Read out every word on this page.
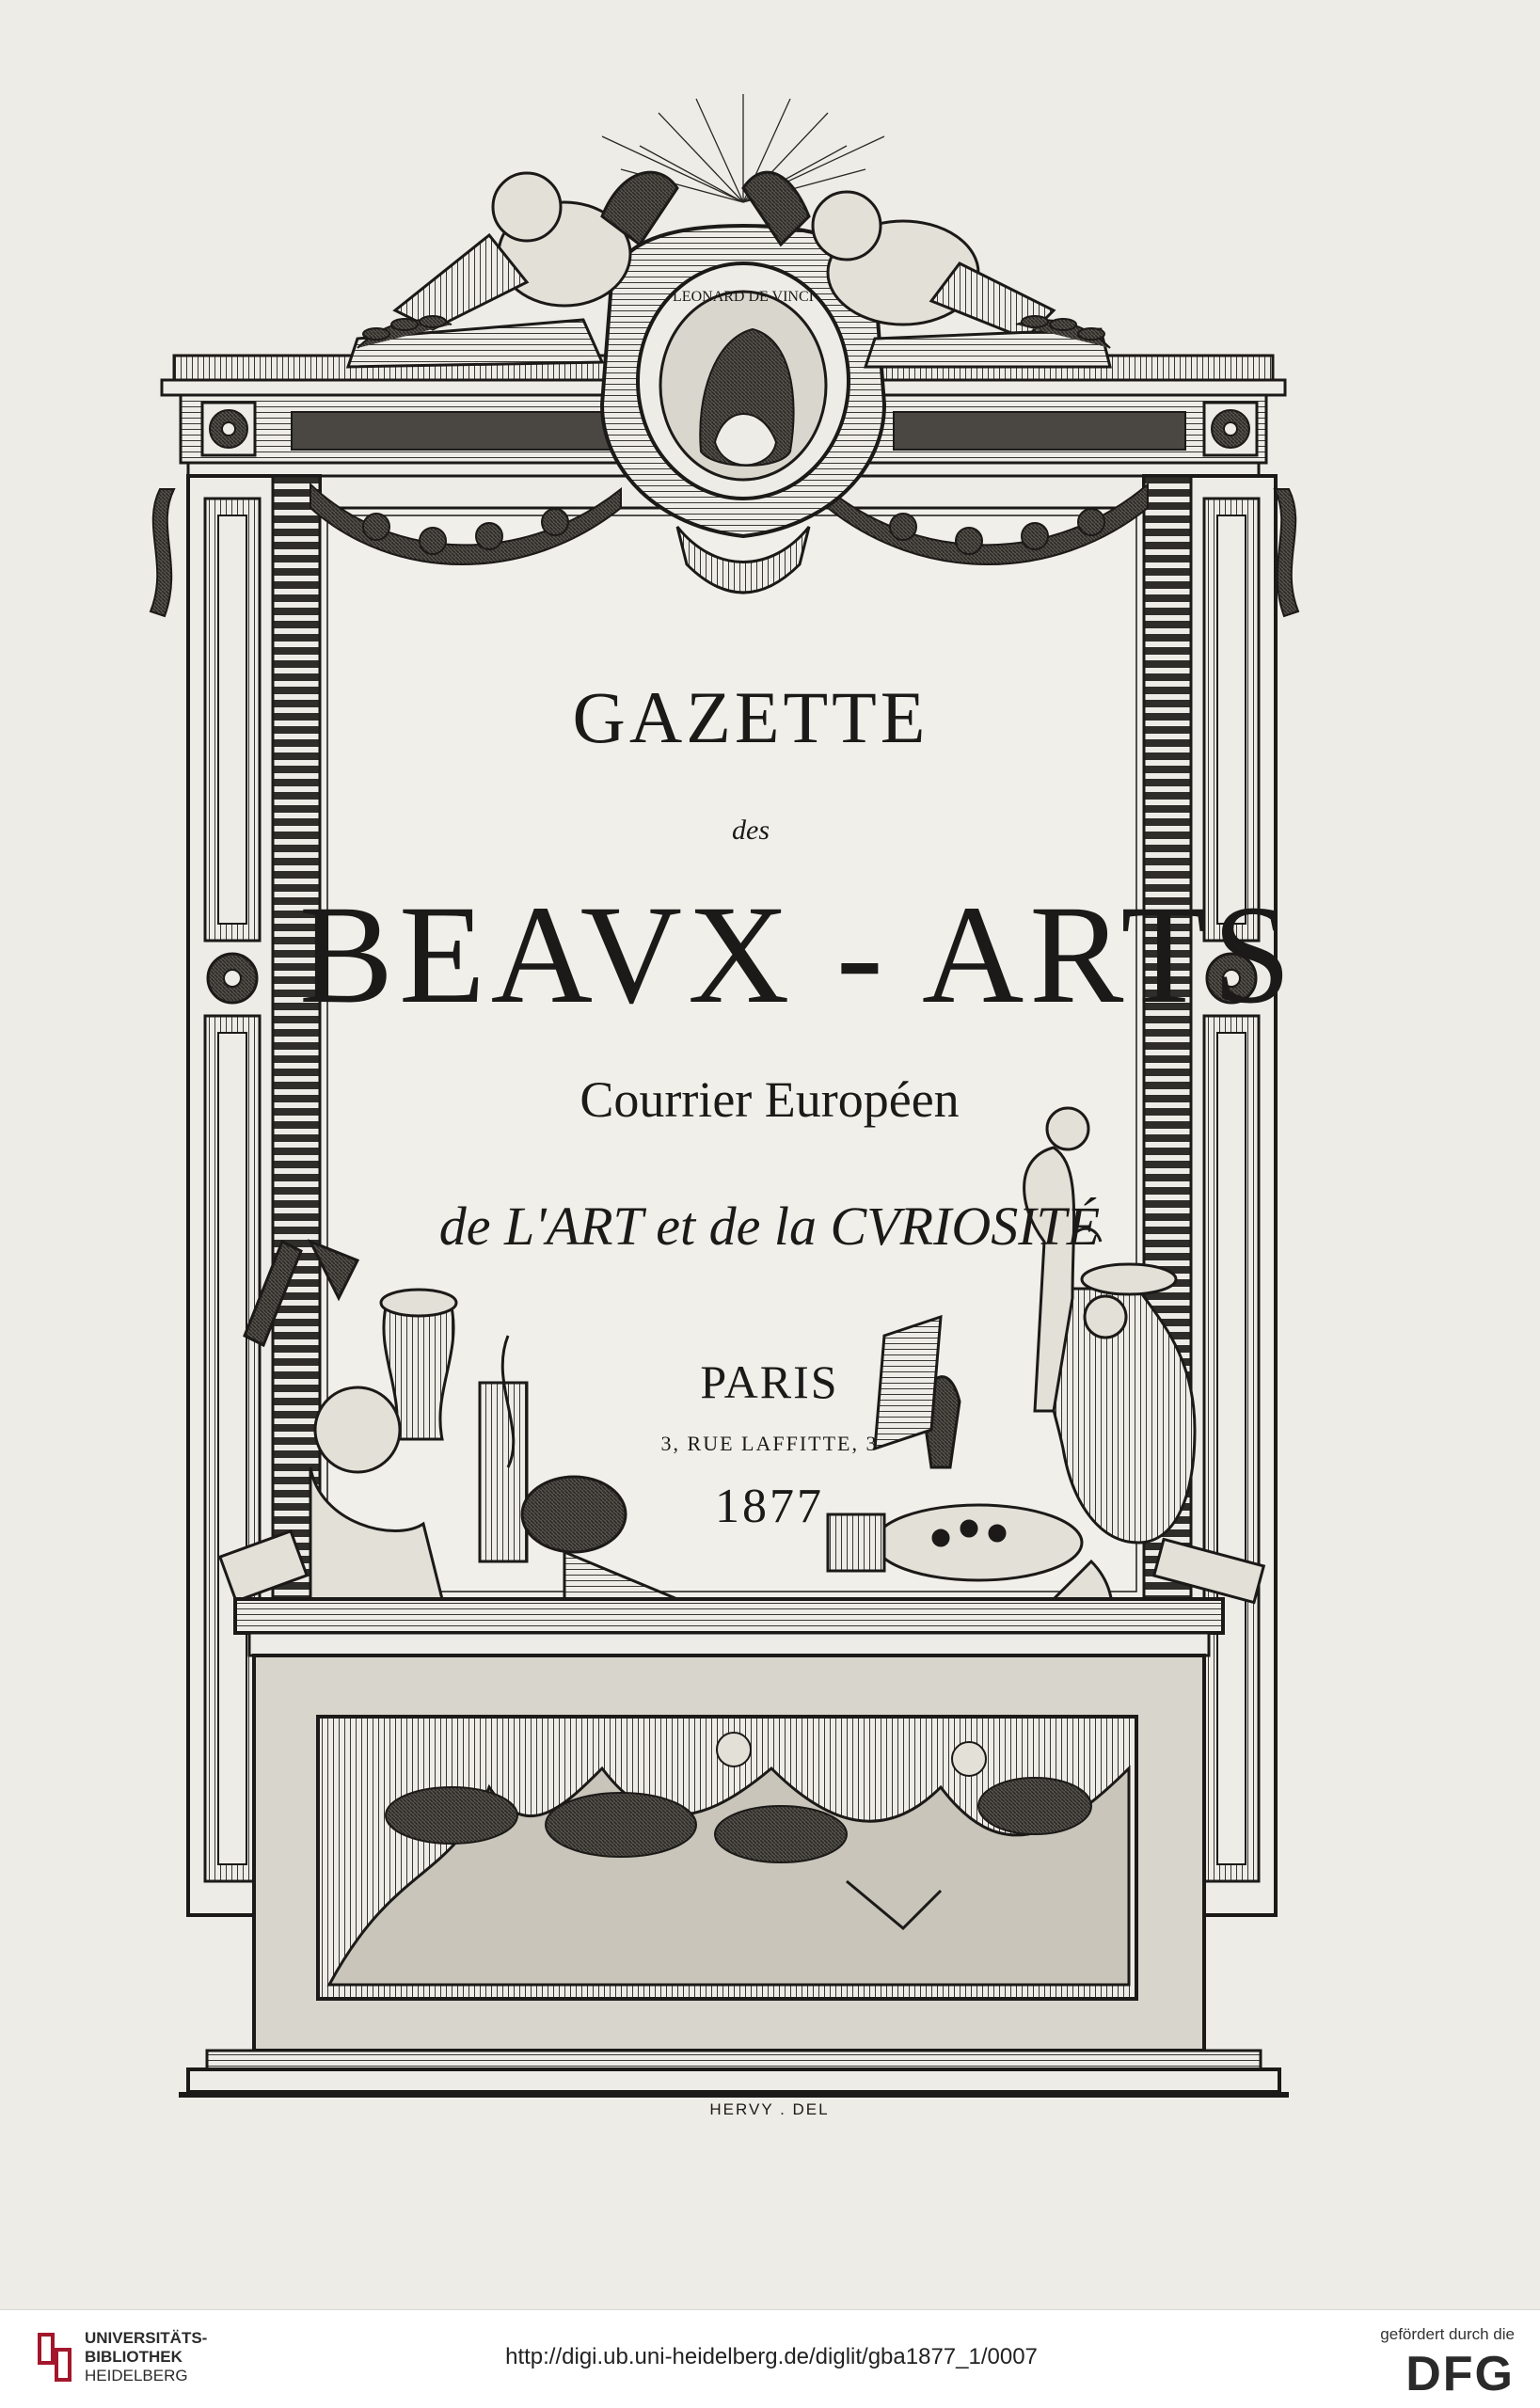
LEONARD DE VINCI
GAZETTE
des
BEAVX - ARTS
Courrier Européen
de L'ART et de la CVRIOSITÉ
PARIS
3, RUE LAFFITTE, 3
1877
HERVY . DEL
UNIVERSITÄTS-
BIBLIOTHEK
HEIDELBERG
http://digi.ub.uni-heidelberg.de/diglit/gba1877_1/0007
gefördert durch die
DFG
